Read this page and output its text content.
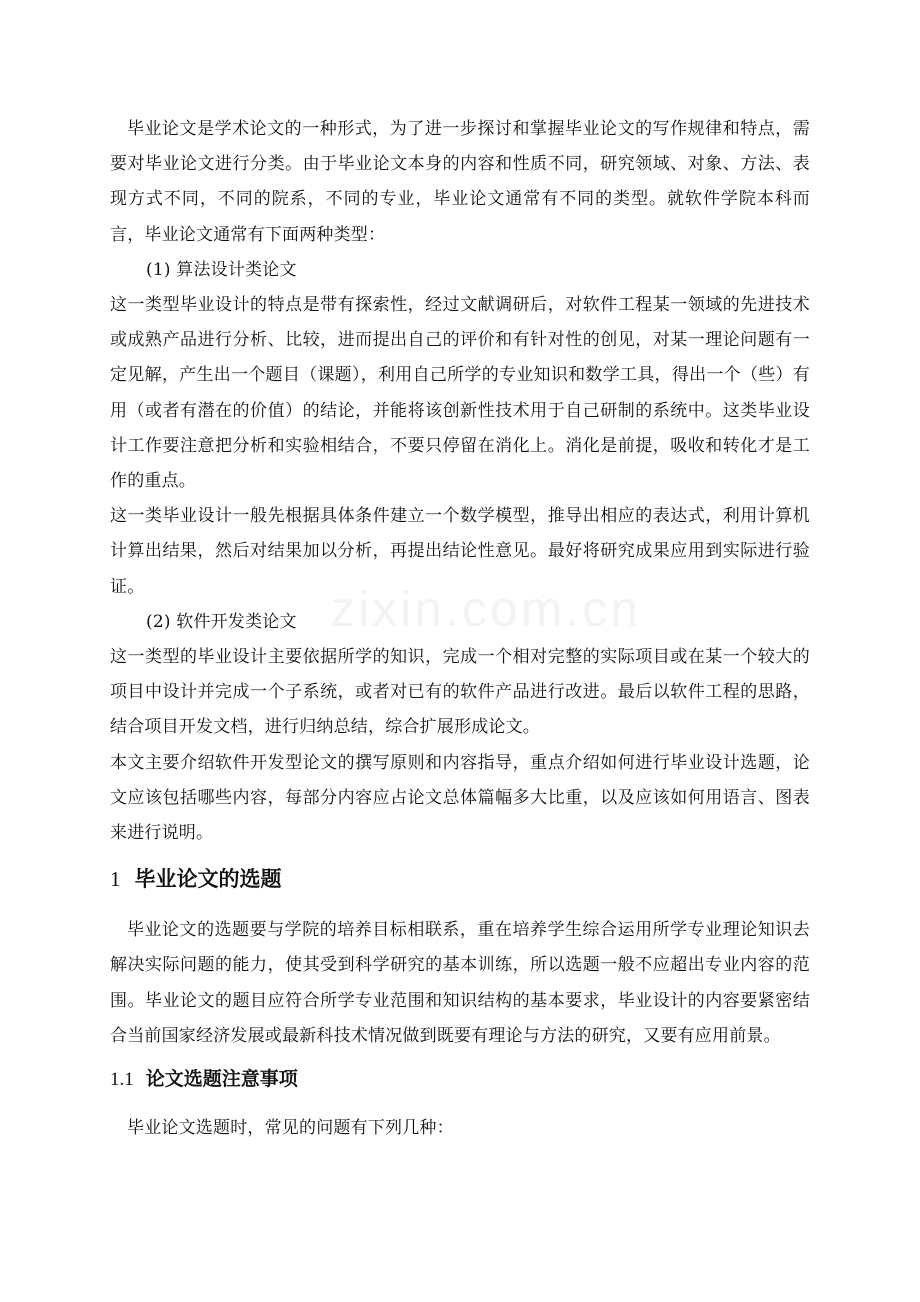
zixin.com.cn

毕业论文是学术论文的一种形式，为了进一步探讨和掌握毕业论文的写作规律和特点，需要对毕业论文进行分类。由于毕业论文本身的内容和性质不同，研究领域、对象、方法、表现方式不同，不同的院系，不同的专业，毕业论文通常有不同的类型。就软件学院本科而言，毕业论文通常有下面两种类型：

(1) 算法设计类论文

这一类型毕业设计的特点是带有探索性，经过文献调研后，对软件工程某一领域的先进技术或成熟产品进行分析、比较，进而提出自己的评价和有针对性的创见，对某一理论问题有一定见解，产生出一个题目（课题），利用自己所学的专业知识和数学工具，得出一个（些）有用（或者有潜在的价值）的结论，并能将该创新性技术用于自己研制的系统中。这类毕业设计工作要注意把分析和实验相结合，不要只停留在消化上。消化是前提，吸收和转化才是工作的重点。

这一类毕业设计一般先根据具体条件建立一个数学模型，推导出相应的表达式，利用计算机计算出结果，然后对结果加以分析，再提出结论性意见。最好将研究成果应用到实际进行验证。

(2) 软件开发类论文

这一类型的毕业设计主要依据所学的知识，完成一个相对完整的实际项目或在某一个较大的项目中设计并完成一个子系统，或者对已有的软件产品进行改进。最后以软件工程的思路，结合项目开发文档，进行归纳总结，综合扩展形成论文。

本文主要介绍软件开发型论文的撰写原则和内容指导，重点介绍如何进行毕业设计选题，论文应该包括哪些内容，每部分内容应占论文总体篇幅多大比重，以及应该如何用语言、图表来进行说明。

1 毕业论文的选题

毕业论文的选题要与学院的培养目标相联系，重在培养学生综合运用所学专业理论知识去解决实际问题的能力，使其受到科学研究的基本训练，所以选题一般不应超出专业内容的范围。毕业论文的题目应符合所学专业范围和知识结构的基本要求，毕业设计的内容要紧密结合当前国家经济发展或最新科技术情况做到既要有理论与方法的研究，又要有应用前景。

1.1 论文选题注意事项

毕业论文选题时，常见的问题有下列几种：
